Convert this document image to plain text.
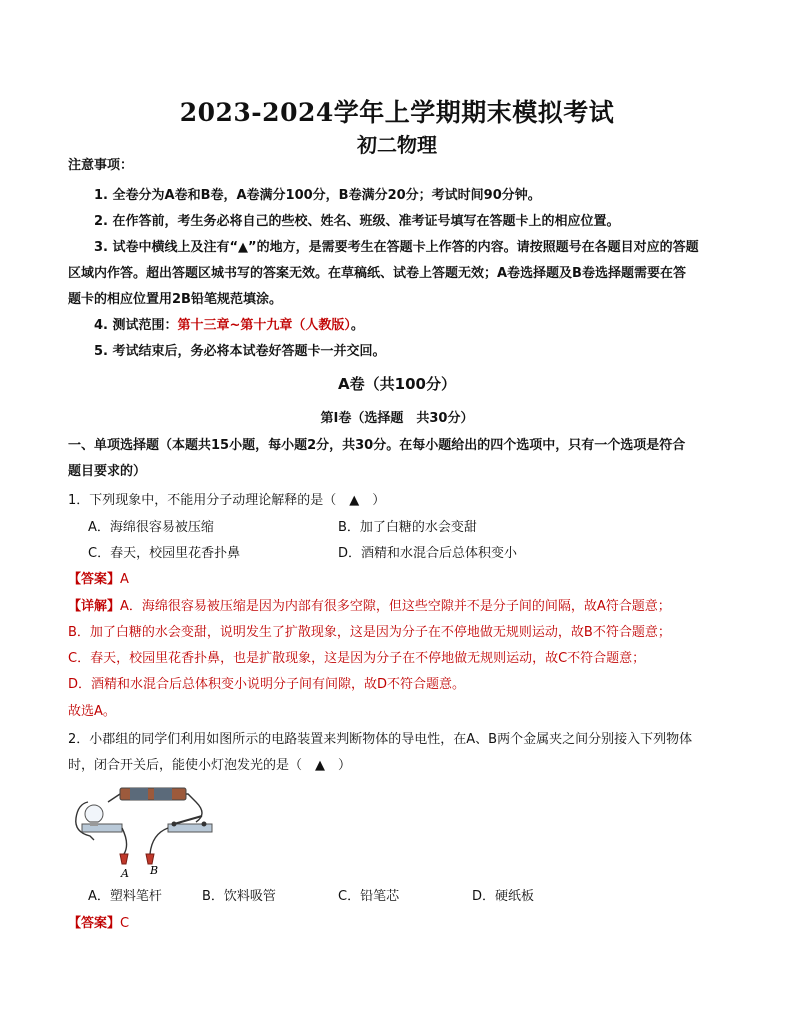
2023-2024学年上学期期末模拟考试
初二物理
注意事项：
1. 全卷分为A卷和B卷，A卷满分100分，B卷满分20分；考试时间90分钟。
2. 在作答前，考生务必将自己的些校、姓名、班级、准考证号填写在答题卡上的相应位置。
3. 试卷中横线上及注有“▲”的地方，是需要考生在答题卡上作答的内容。请按照题号在各题目对应的答题
区域内作答。超出答题区城书写的答案无效。在草稿纸、试卷上答题无效；A卷选择题及B卷选择题需要在答
题卡的相应位置用2B铅笔规范填涂。
4. 测试范围：第十三章~第十九章（人教版）。
5. 考试结束后，务必将本试卷好答题卡一并交回。
A卷（共100分）
第Ⅰ卷（选择题　共30分）
一、单项选择题（本题共15小题，每小题2分，共30分。在每小题给出的四个选项中，只有一个选项是符合
题目要求的）
1．下列现象中，不能用分子动理论解释的是（　▲　）
A．海绵很容易被压缩	B．加了白糖的水会变甜
C．春天，校园里花香扑鼻	D．酒精和水混合后总体积变小
【答案】A
【详解】A．海绵很容易被压缩是因为内部有很多空隙，但这些空隙并不是分子间的间隔，故A符合题意；
B．加了白糖的水会变甜，说明发生了扩散现象，这是因为分子在不停地做无规则运动，故B不符合题意；
C．春天，校园里花香扑鼻，也是扩散现象，这是因为分子在不停地做无规则运动，故C不符合题意；
D．酒精和水混合后总体积变小说明分子间有间隙，故D不符合题意。
故选A。
2．小郡组的同学们利用如图所示的电路装置来判断物体的导电性，在A、B两个金属夹之间分别接入下列物体
时，闭合开关后，能使小灯泡发光的是（　▲　）
A B
A．塑料笔杆	B．饮料吸管	C．铅笔芯	D．硬纸板
【答案】C
